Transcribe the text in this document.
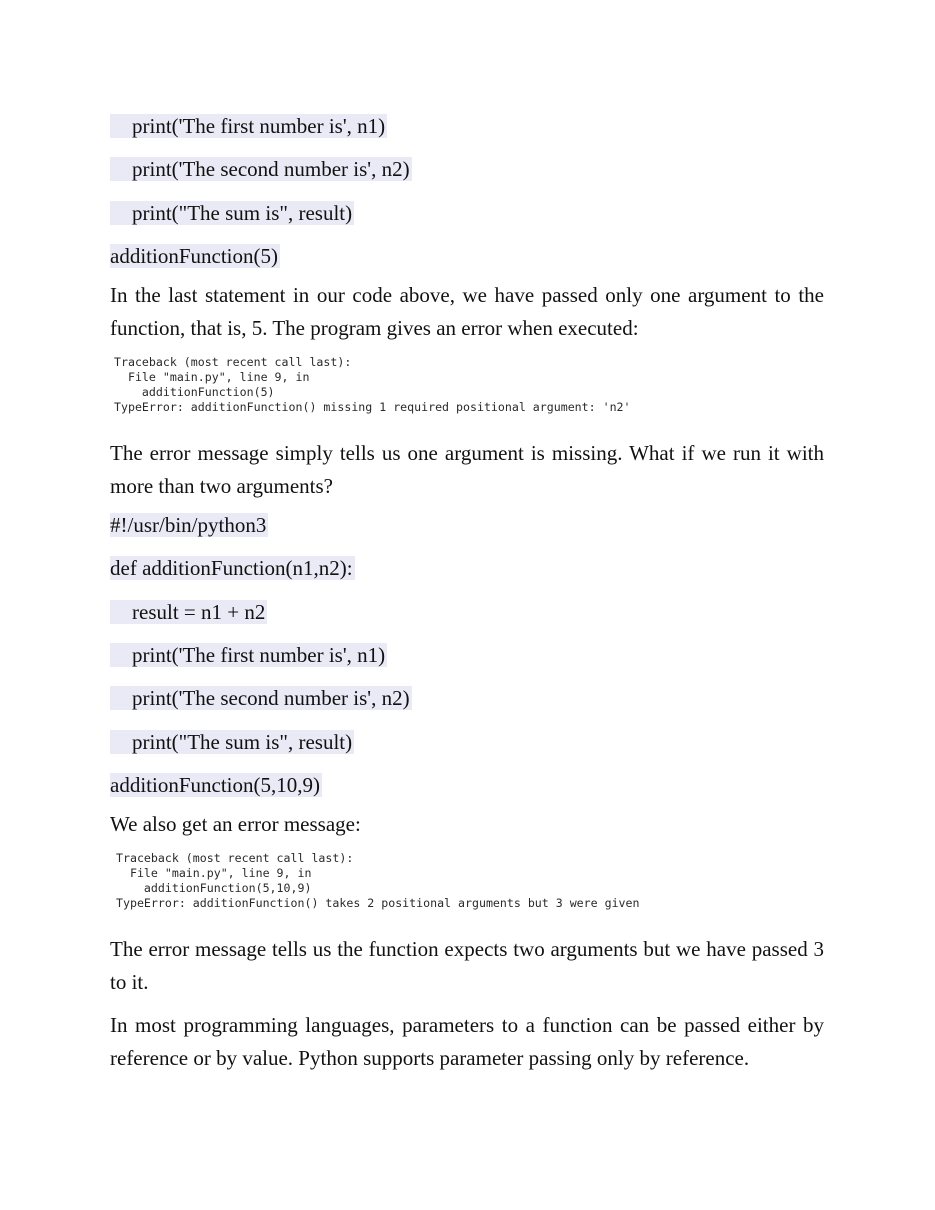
print('The first number is', n1)
print('The second number is', n2)
print("The sum is", result)
additionFunction(5)

In the last statement in our code above, we have passed only one argument to the function, that is, 5. The program gives an error when executed:

Traceback (most recent call last):
File "main.py", line 9, in
additionFunction(5)
TypeError: additionFunction() missing 1 required positional argument: 'n2'

The error message simply tells us one argument is missing. What if we run it with more than two arguments?

#!/usr/bin/python3
def additionFunction(n1,n2):
result = n1 + n2
print('The first number is', n1)
print('The second number is', n2)
print("The sum is", result)
additionFunction(5,10,9)

We also get an error message:

Traceback (most recent call last):
File "main.py", line 9, in
additionFunction(5,10,9)
TypeError: additionFunction() takes 2 positional arguments but 3 were given

The error message tells us the function expects two arguments but we have passed 3 to it.

In most programming languages, parameters to a function can be passed either by reference or by value. Python supports parameter passing only by reference.
